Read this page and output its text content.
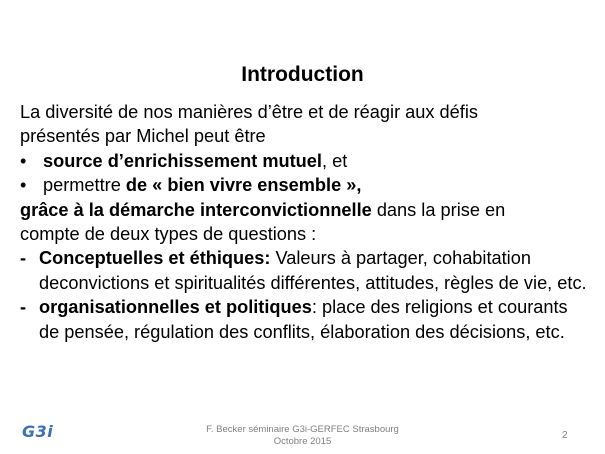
Introduction
La diversité de nos manières d’être et de réagir aux défis
présentés par Michel peut être
• source d’enrichissement mutuel, et
• permettre de « bien vivre ensemble »,
grâce à la démarche interconvictionnelle dans la prise en
compte de deux types de questions :
- Conceptuelles et éthiques: Valeurs à partager, cohabitation deconvictions et spiritualités différentes, attitudes, règles de vie, etc.
- organisationnelles et politiques: place des religions et courants de pensée, régulation des conflits, élaboration des décisions, etc.
G3i	F. Becker séminaire G3i-GERFEC Strasbourg
Octobre 2015
2
